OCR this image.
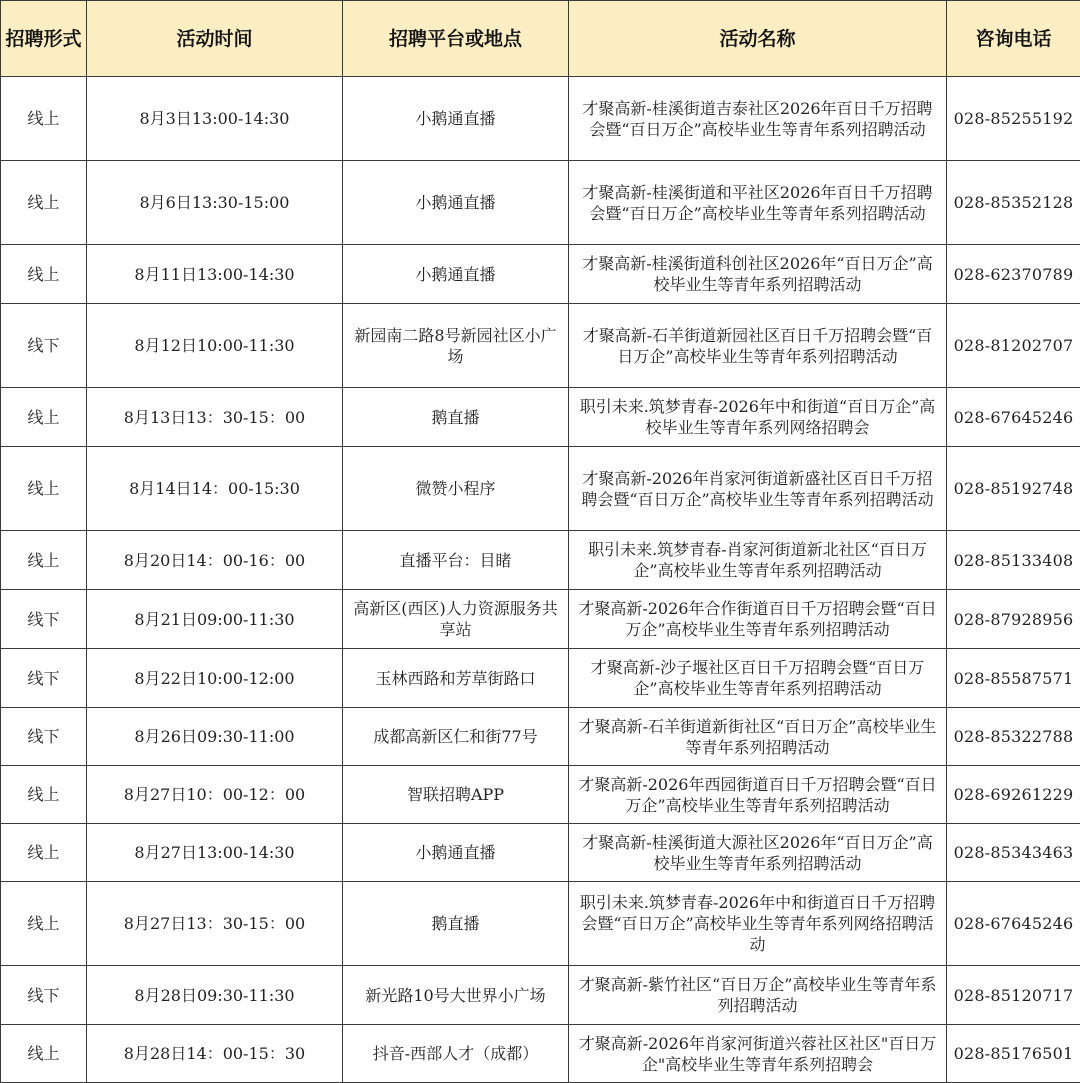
招聘形式	活动时间	招聘平台或地点	活动名称	咨询电话
线上	8月3日13:00-14:30	小鹅通直播	才聚高新-桂溪街道吉泰社区2026年百日千万招聘会暨“百日万企”高校毕业生等青年系列招聘活动	028-85255192
线上	8月6日13:30-15:00	小鹅通直播	才聚高新-桂溪街道和平社区2026年百日千万招聘会暨“百日万企”高校毕业生等青年系列招聘活动	028-85352128
线上	8月11日13:00-14:30	小鹅通直播	才聚高新-桂溪街道科创社区2026年“百日万企”高校毕业生等青年系列招聘活动	028-62370789
线下	8月12日10:00-11:30	新园南二路8号新园社区小广场	才聚高新-石羊街道新园社区百日千万招聘会暨“百日万企”高校毕业生等青年系列招聘活动	028-81202707
线上	8月13日13：30-15：00	鹅直播	职引未来.筑梦青春-2026年中和街道“百日万企”高校毕业生等青年系列网络招聘会	028-67645246
线上	8月14日14：00-15:30	微赞小程序	才聚高新-2026年肖家河街道新盛社区百日千万招聘会暨“百日万企”高校毕业生等青年系列招聘活动	028-85192748
线上	8月20日14：00-16：00	直播平台：目睹	职引未来.筑梦青春-肖家河街道新北社区“百日万企”高校毕业生等青年系列招聘活动	028-85133408
线下	8月21日09:00-11:30	高新区(西区)人力资源服务共享站	才聚高新-2026年合作街道百日千万招聘会暨“百日万企”高校毕业生等青年系列招聘活动	028-87928956
线下	8月22日10:00-12:00	玉林西路和芳草街路口	才聚高新-沙子堰社区百日千万招聘会暨“百日万企”高校毕业生等青年系列招聘活动	028-85587571
线下	8月26日09:30-11:00	成都高新区仁和街77号	才聚高新-石羊街道新街社区“百日万企”高校毕业生等青年系列招聘活动	028-85322788
线上	8月27日10：00-12：00	智联招聘APP	才聚高新-2026年西园街道百日千万招聘会暨“百日万企”高校毕业生等青年系列招聘活动	028-69261229
线上	8月27日13:00-14:30	小鹅通直播	才聚高新-桂溪街道大源社区2026年“百日万企”高校毕业生等青年系列招聘活动	028-85343463
线上	8月27日13：30-15：00	鹅直播	职引未来.筑梦青春-2026年中和街道百日千万招聘会暨“百日万企”高校毕业生等青年系列网络招聘活动	028-67645246
线下	8月28日09:30-11:30	新光路10号大世界小广场	才聚高新-紫竹社区“百日万企”高校毕业生等青年系列招聘活动	028-85120717
线上	8月28日14：00-15：30	抖音-西部人才（成都）	才聚高新-2026年肖家河街道兴蓉社区社区"百日万企"高校毕业生等青年系列招聘会	028-85176501
